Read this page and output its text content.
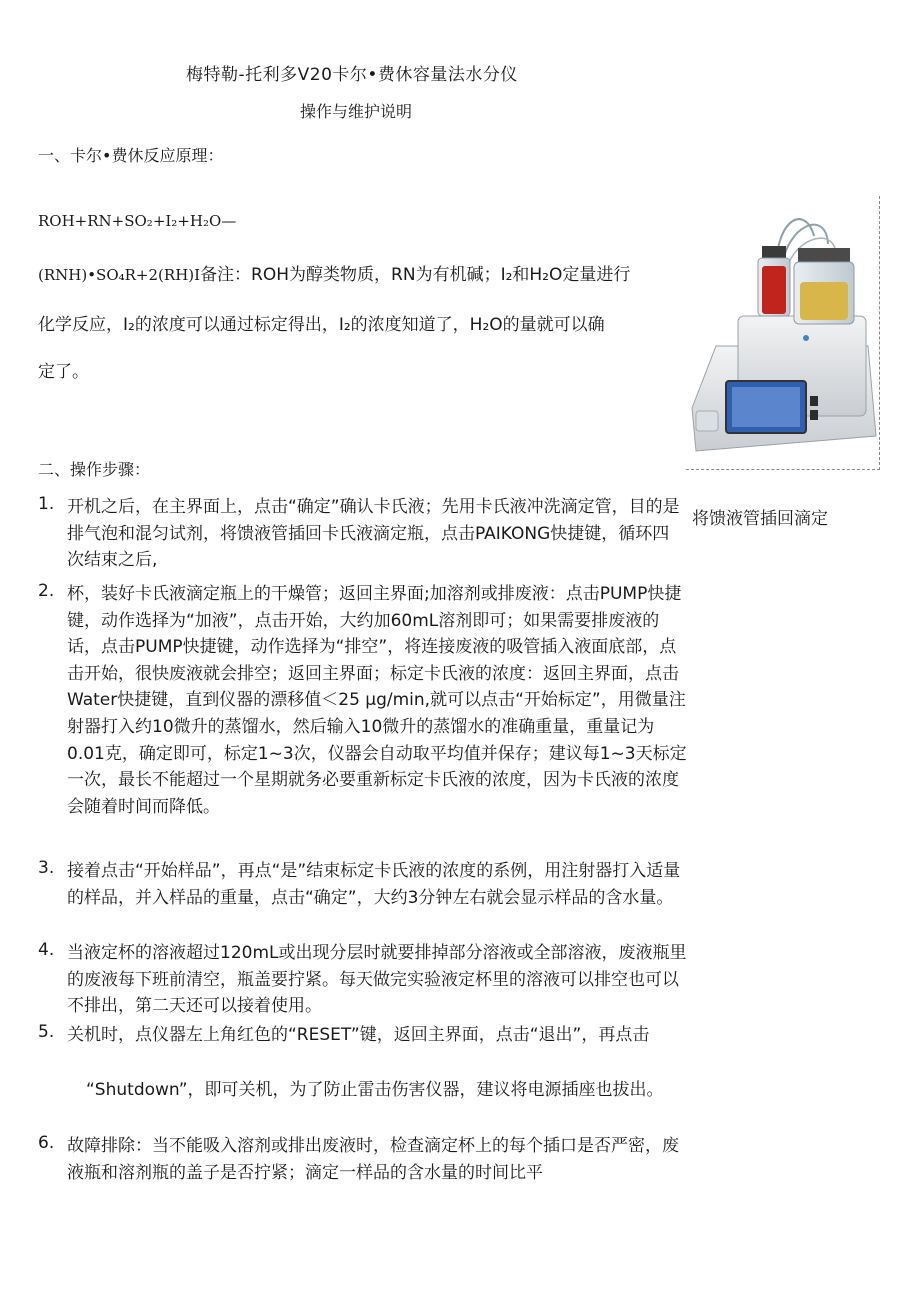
梅特勒-托利多V20卡尔•费休容量法水分仪
操作与维护说明
一、卡尔•费休反应原理：
ROH+RN+SO₂+I₂+H₂O—
(RNH)•SO₄R+2(RH)I备注：ROH为醇类物质，RN为有机碱；I₂和H₂O定量进行
化学反应，I₂的浓度可以通过标定得出，I₂的浓度知道了，H₂O的量就可以确
定了。
二、操作步骤：
将馈液管插回滴定
1. 开机之后，在主界面上，点击“确定”确认卡氏液；先用卡氏液冲洗滴定管，目的是排气泡和混匀试剂，将馈液管插回卡氏液滴定瓶，点击PAIKONG快捷键，循环四次结束之后,
2. 杯，装好卡氏液滴定瓶上的干燥管；返回主界面;加溶剂或排废液：点击PUMP快捷键，动作选择为“加液”，点击开始，大约加60mL溶剂即可；如果需要排废液的话，点击PUMP快捷键，动作选择为“排空”，将连接废液的吸管插入液面底部，点击开始，很快废液就会排空；返回主界面；标定卡氏液的浓度：返回主界面，点击Water快捷键，直到仪器的漂移值＜25 μg/min,就可以点击“开始标定”，用微量注射器打入约10微升的蒸馏水，然后输入10微升的蒸馏水的准确重量，重量记为0.01克，确定即可，标定1~3次，仪器会自动取平均值并保存；建议每1~3天标定一次，最长不能超过一个星期就务必要重新标定卡氏液的浓度，因为卡氏液的浓度会随着时间而降低。
3. 接着点击“开始样品”，再点“是”结束标定卡氏液的浓度的系例，用注射器打入适量的样品，并入样品的重量，点击“确定”，大约3分钟左右就会显示样品的含水量。
4. 当液定杯的溶液超过120mL或出现分层时就要排掉部分溶液或全部溶液，废液瓶里的废液每下班前清空，瓶盖要拧紧。每天做完实验液定杯里的溶液可以排空也可以不排出，第二天还可以接着使用。
5. 关机时，点仪器左上角红色的“RESET”键，返回主界面，点击“退出”，再点击
“Shutdown”，即可关机，为了防止雷击伤害仪器，建议将电源插座也拔出。
6. 故障排除：当不能吸入溶剂或排出废液时，检查滴定杯上的每个插口是否严密，废液瓶和溶剂瓶的盖子是否拧紧；滴定一样品的含水量的时间比平
